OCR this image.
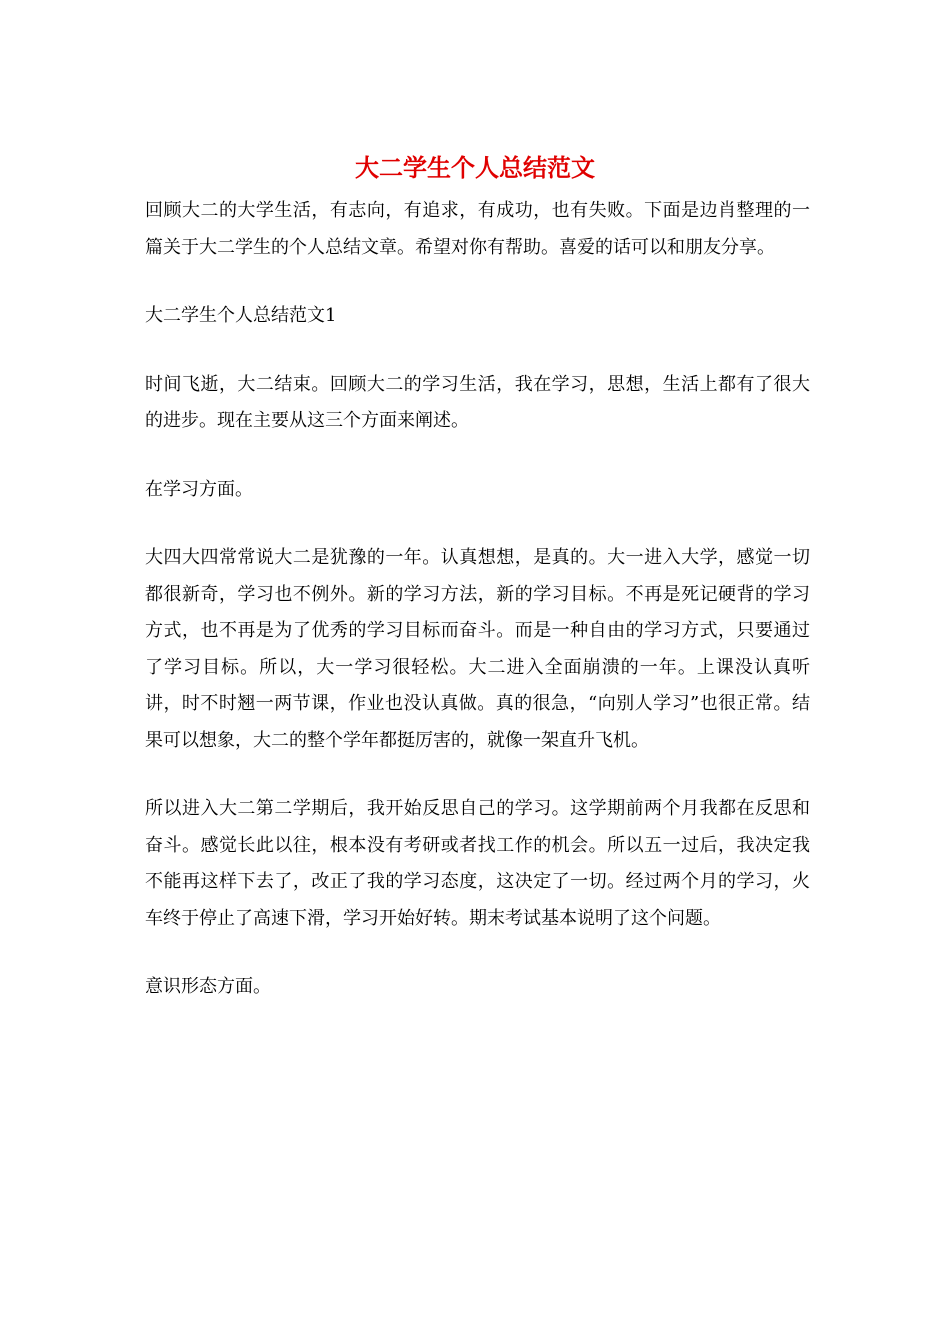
大二学生个人总结范文

回顾大二的大学生活，有志向，有追求，有成功，也有失败。下面是边肖整理的一篇关于大二学生的个人总结文章。希望对你有帮助。喜爱的话可以和朋友分享。

大二学生个人总结范文1

时间飞逝，大二结束。回顾大二的学习生活，我在学习，思想，生活上都有了很大的进步。现在主要从这三个方面来阐述。

在学习方面。

大四大四常常说大二是犹豫的一年。认真想想，是真的。大一进入大学，感觉一切都很新奇，学习也不例外。新的学习方法，新的学习目标。不再是死记硬背的学习方式，也不再是为了优秀的学习目标而奋斗。而是一种自由的学习方式，只要通过了学习目标。所以，大一学习很轻松。大二进入全面崩溃的一年。上课没认真听讲，时不时翘一两节课，作业也没认真做。真的很急，“向别人学习”也很正常。结果可以想象，大二的整个学年都挺厉害的，就像一架直升飞机。

所以进入大二第二学期后，我开始反思自己的学习。这学期前两个月我都在反思和奋斗。感觉长此以往，根本没有考研或者找工作的机会。所以五一过后，我决定我不能再这样下去了，改正了我的学习态度，这决定了一切。经过两个月的学习，火车终于停止了高速下滑，学习开始好转。期末考试基本说明了这个问题。

意识形态方面。
